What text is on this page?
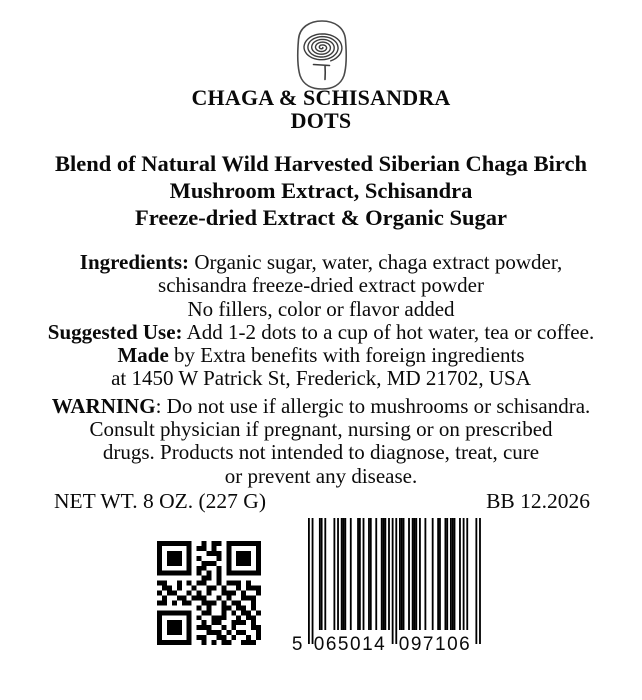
CHAGA & SCHISANDRA
DOTS
Blend of Natural Wild Harvested Siberian Chaga Birch
Mushroom Extract, Schisandra
Freeze-dried Extract & Organic Sugar
Ingredients: Organic sugar, water, chaga extract powder,
schisandra freeze-dried extract powder
No fillers, color or flavor added
Suggested Use: Add 1-2 dots to a cup of hot water, tea or coffee.
Made by Extra benefits with foreign ingredients
at 1450 W Patrick St, Frederick, MD 21702, USA
WARNING: Do not use if allergic to mushrooms or schisandra.
Consult physician if pregnant, nursing or on prescribed
drugs. Products not intended to diagnose, treat, cure
or prevent any disease.
NET WT. 8 OZ. (227 G)	BB 12.2026
5 065014 097106
